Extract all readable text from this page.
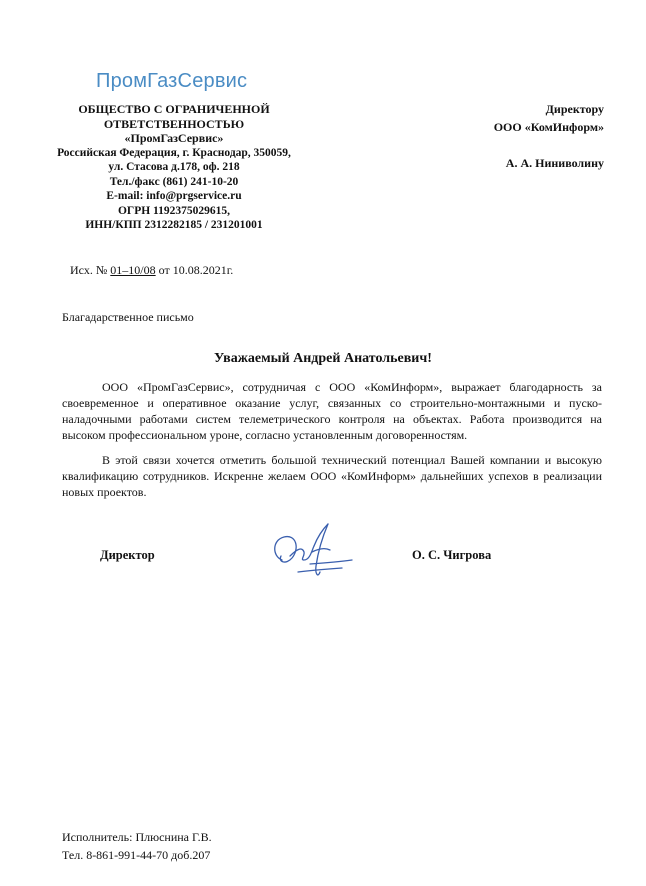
ПромГазСервис
ОБЩЕСТВО С ОГРАНИЧЕННОЙ
ОТВЕТСТВЕННОСТЬЮ
«ПромГазСервис»
Российская Федерация, г. Краснодар, 350059,
ул. Стасова д.178, оф. 218
Тел./факс (861) 241-10-20
E-mail: info@prgservice.ru
ОГРН 1192375029615,
ИНН/КПП 2312282185 / 231201001
Директору
ООО «КомИнформ»
А. А. Ниниволину
Исх. № 01–10/08 от 10.08.2021г.
Благадарственное письмо
Уважаемый Андрей Анатольевич!

ООО «ПромГазСервис», сотрудничая с ООО «КомИнформ», выражает благодарность за своевременное и оперативное оказание услуг, связанных со строительно-монтажными и пуско-наладочными работами систем телеметрического контроля на объектах. Работа производится на высоком профессиональном уроне, согласно установленным договоренностям.

В этой связи хочется отметить большой технический потенциал Вашей компании и высокую квалификацию сотрудников. Искренне желаем ООО «КомИнформ» дальнейших успехов в реализации новых проектов.

Директор	О. С. Чигрова
Исполнитель: Плюснина Г.В.
Тел. 8-861-991-44-70 доб.207
